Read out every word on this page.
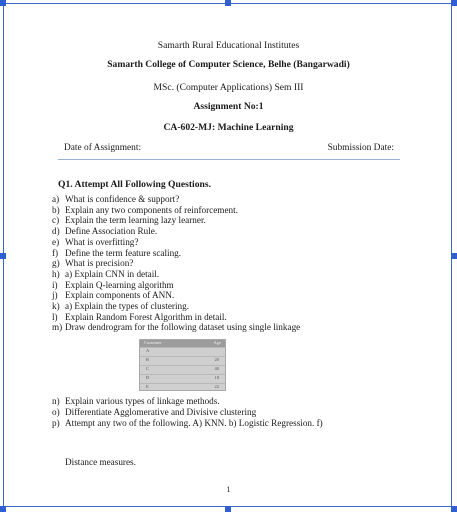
Samarth Rural Educational Institutes
Samarth College of Computer Science, Belhe (Bangarwadi)
MSc. (Computer Applications) Sem III
Assignment No:1
CA-602-MJ: Machine Learning
Date of Assignment:	Submission Date:
Q1. Attempt All Following Questions.
a) What is confidence & support?
b) Explain any two components of reinforcement.
c) Explain the term learning lazy learner.
d) Define Association Rule.
e) What is overfitting?
f) Define the term feature scaling.
g) What is precision?
h) a) Explain CNN in detail.
i) Explain Q-learning algorithm
j) Explain components of ANN.
k) a) Explain the types of clustering.
l) Explain Random Forest Algorithm in detail.
m) Draw dendrogram for the following dataset using single linkage
Customer	Age
A
B	20
C	40
D	18
E	22
n) Explain various types of linkage methods.
o) Differentiate Agglomerative and Divisive clustering
p) Attempt any two of the following. A) KNN. b) Logistic Regression. f)
Distance measures.
1
